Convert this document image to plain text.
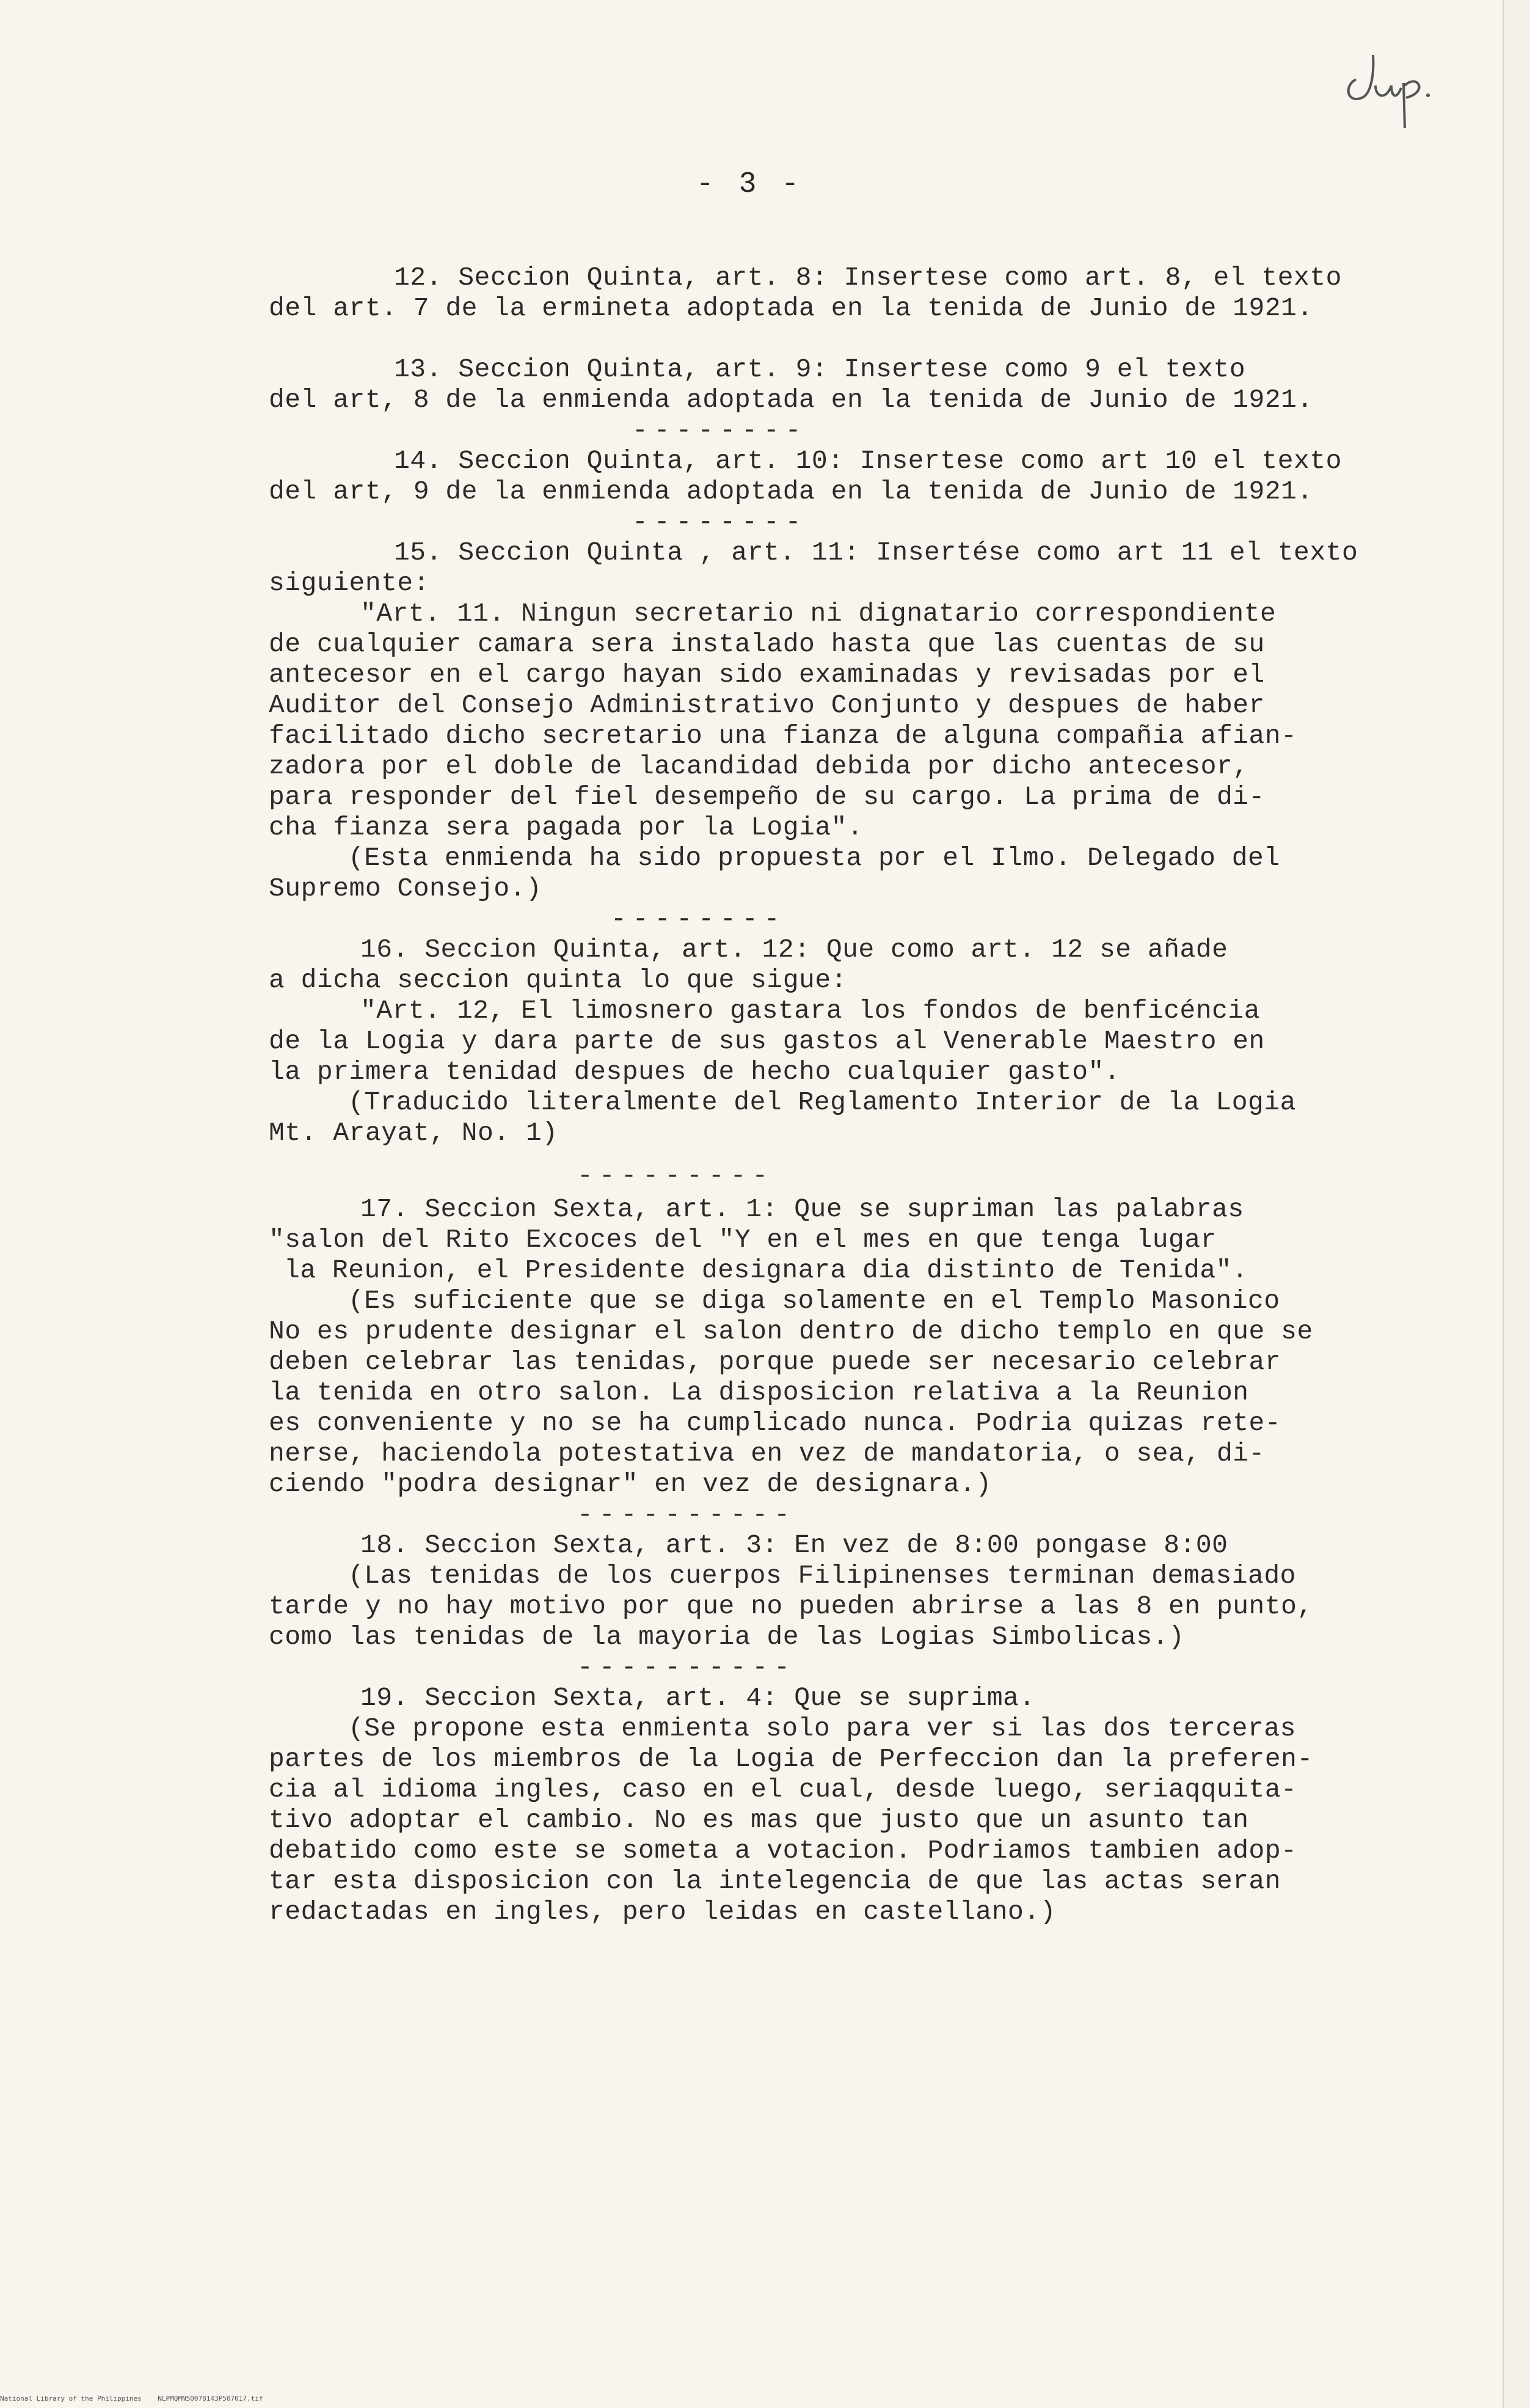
- 3 -
12. Seccion Quinta, art. 8: Insertese como art. 8, el texto
del art. 7 de la ermineta adoptada en la tenida de Junio de 1921.
13. Seccion Quinta, art. 9: Insertese como 9 el texto
del art, 8 de la enmienda adoptada en la tenida de Junio de 1921.
--------
14. Seccion Quinta, art. 10: Insertese como art 10 el texto
del art, 9 de la enmienda adoptada en la tenida de Junio de 1921.
--------
15. Seccion Quinta , art. 11: Insertése como art 11 el texto
siguiente:
"Art. 11. Ningun secretario ni dignatario correspondiente
de cualquier camara sera instalado hasta que las cuentas de su
antecesor en el cargo hayan sido examinadas y revisadas por el
Auditor del Consejo Administrativo Conjunto y despues de haber
facilitado dicho secretario una fianza de alguna compañia afian-
zadora por el doble de lacandidad debida por dicho antecesor,
para responder del fiel desempeño de su cargo. La prima de di-
cha fianza sera pagada por la Logia".
(Esta enmienda ha sido propuesta por el Ilmo. Delegado del
Supremo Consejo.)
--------
16. Seccion Quinta, art. 12: Que como art. 12 se añade
a dicha seccion quinta lo que sigue:
"Art. 12, El limosnero gastara los fondos de benficéncia
de la Logia y dara parte de sus gastos al Venerable Maestro en
la primera tenidad despues de hecho cualquier gasto".
(Traducido literalmente del Reglamento Interior de la Logia
Mt. Arayat, No. 1)
---------
17. Seccion Sexta, art. 1: Que se supriman las palabras
"salon del Rito Excoces del "Y en el mes en que tenga lugar
la Reunion, el Presidente designara dia distinto de Tenida".
(Es suficiente que se diga solamente en el Templo Masonico
No es prudente designar el salon dentro de dicho templo en que se
deben celebrar las tenidas, porque puede ser necesario celebrar
la tenida en otro salon. La disposicion relativa a la Reunion
es conveniente y no se ha cumplicado nunca. Podria quizas rete-
nerse, haciendola potestativa en vez de mandatoria, o sea, di-
ciendo "podra designar" en vez de designara.)
----------
18. Seccion Sexta, art. 3: En vez de 8:00 pongase 8:00
(Las tenidas de los cuerpos Filipinenses terminan demasiado
tarde y no hay motivo por que no pueden abrirse a las 8 en punto,
como las tenidas de la mayoria de las Logias Simbolicas.)
----------
19. Seccion Sexta, art. 4: Que se suprima.
(Se propone esta enmienta solo para ver si las dos terceras
partes de los miembros de la Logia de Perfeccion dan la preferen-
cia al idioma ingles, caso en el cual, desde luego, seriaqquita-
tivo adoptar el cambio. No es mas que justo que un asunto tan
debatido como este se someta a votacion. Podriamos tambien adop-
tar esta disposicion con la intelegencia de que las actas seran
redactadas en ingles, pero leidas en castellano.)
National Library of the Philippines    NLPMQMN50078143P507017.tif
